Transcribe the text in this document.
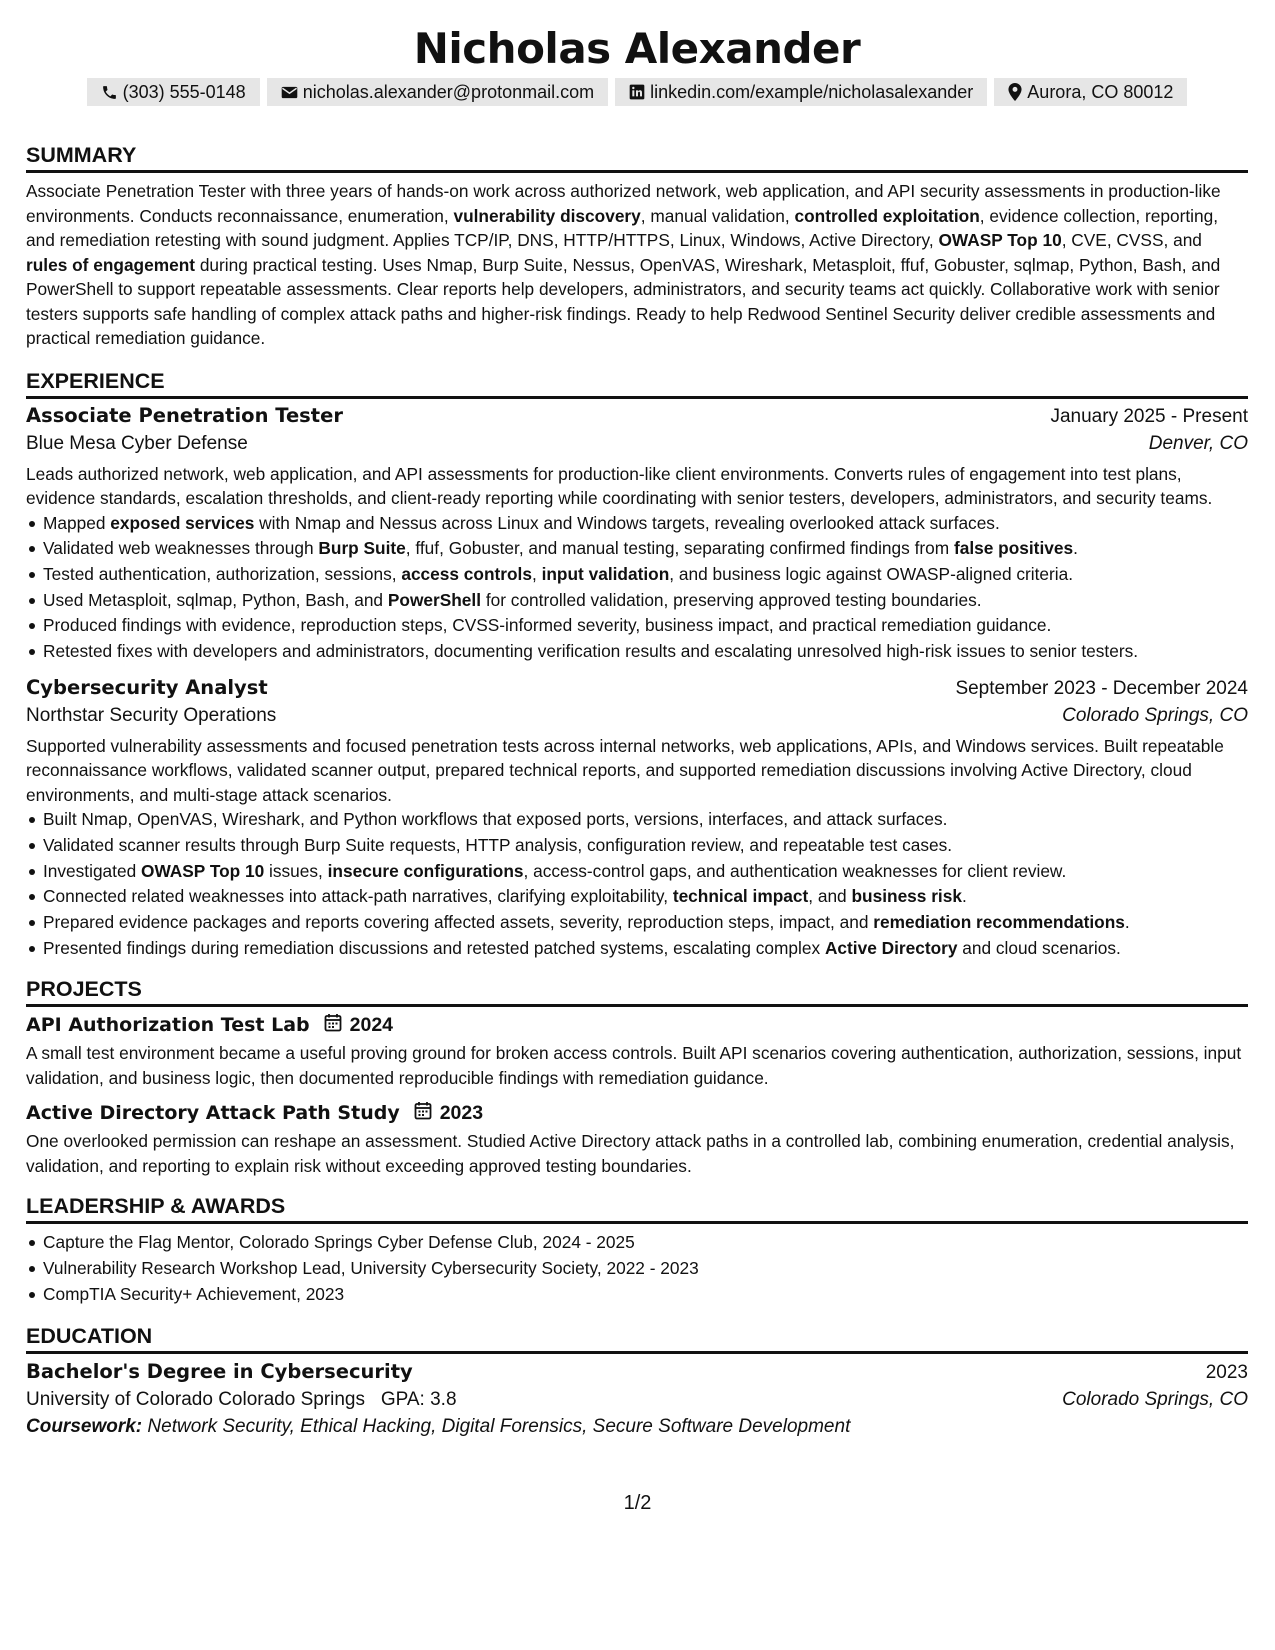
Nicholas Alexander
(303) 555-0148	nicholas.alexander@protonmail.com	linkedin.com/example/nicholasalexander	Aurora, CO 80012
SUMMARY

Associate Penetration Tester with three years of hands-on work across authorized network, web application, and API security assessments in production-like environments. Conducts reconnaissance, enumeration, vulnerability discovery, manual validation, controlled exploitation, evidence collection, reporting, and remediation retesting with sound judgment. Applies TCP/IP, DNS, HTTP/HTTPS, Linux, Windows, Active Directory, OWASP Top 10, CVE, CVSS, and rules of engagement during practical testing. Uses Nmap, Burp Suite, Nessus, OpenVAS, Wireshark, Metasploit, ffuf, Gobuster, sqlmap, Python, Bash, and PowerShell to support repeatable assessments. Clear reports help developers, administrators, and security teams act quickly. Collaborative work with senior testers supports safe handling of complex attack paths and higher-risk findings. Ready to help Redwood Sentinel Security deliver credible assessments and practical remediation guidance.

EXPERIENCE
Associate Penetration Tester	January 2025 - Present
Blue Mesa Cyber Defense	Denver, CO

Leads authorized network, web application, and API assessments for production-like client environments. Converts rules of engagement into test plans, evidence standards, escalation thresholds, and client-ready reporting while coordinating with senior testers, developers, administrators, and security teams.

Mapped exposed services with Nmap and Nessus across Linux and Windows targets, revealing overlooked attack surfaces.
Validated web weaknesses through Burp Suite, ffuf, Gobuster, and manual testing, separating confirmed findings from false positives.
Tested authentication, authorization, sessions, access controls, input validation, and business logic against OWASP-aligned criteria.
Used Metasploit, sqlmap, Python, Bash, and PowerShell for controlled validation, preserving approved testing boundaries.
Produced findings with evidence, reproduction steps, CVSS-informed severity, business impact, and practical remediation guidance.
Retested fixes with developers and administrators, documenting verification results and escalating unresolved high-risk issues to senior testers.
Cybersecurity Analyst	September 2023 - December 2024
Northstar Security Operations	Colorado Springs, CO

Supported vulnerability assessments and focused penetration tests across internal networks, web applications, APIs, and Windows services. Built repeatable reconnaissance workflows, validated scanner output, prepared technical reports, and supported remediation discussions involving Active Directory, cloud environments, and multi-stage attack scenarios.

Built Nmap, OpenVAS, Wireshark, and Python workflows that exposed ports, versions, interfaces, and attack surfaces.
Validated scanner results through Burp Suite requests, HTTP analysis, configuration review, and repeatable test cases.
Investigated OWASP Top 10 issues, insecure configurations, access-control gaps, and authentication weaknesses for client review.
Connected related weaknesses into attack-path narratives, clarifying exploitability, technical impact, and business risk.
Prepared evidence packages and reports covering affected assets, severity, reproduction steps, impact, and remediation recommendations.
Presented findings during remediation discussions and retested patched systems, escalating complex Active Directory and cloud scenarios.
PROJECTS
API Authorization Test Lab 2024

A small test environment became a useful proving ground for broken access controls. Built API scenarios covering authentication, authorization, sessions, input validation, and business logic, then documented reproducible findings with remediation guidance.

Active Directory Attack Path Study 2023

One overlooked permission can reshape an assessment. Studied Active Directory attack paths in a controlled lab, combining enumeration, credential analysis, validation, and reporting to explain risk without exceeding approved testing boundaries.

LEADERSHIP & AWARDS
Capture the Flag Mentor, Colorado Springs Cyber Defense Club, 2024 - 2025
Vulnerability Research Workshop Lead, University Cybersecurity Society, 2022 - 2023
CompTIA Security+ Achievement, 2023
EDUCATION
Bachelor's Degree in Cybersecurity	2023
University of Colorado Colorado Springs GPA: 3.8	Colorado Springs, CO
Coursework: Network Security, Ethical Hacking, Digital Forensics, Secure Software Development
1/2
